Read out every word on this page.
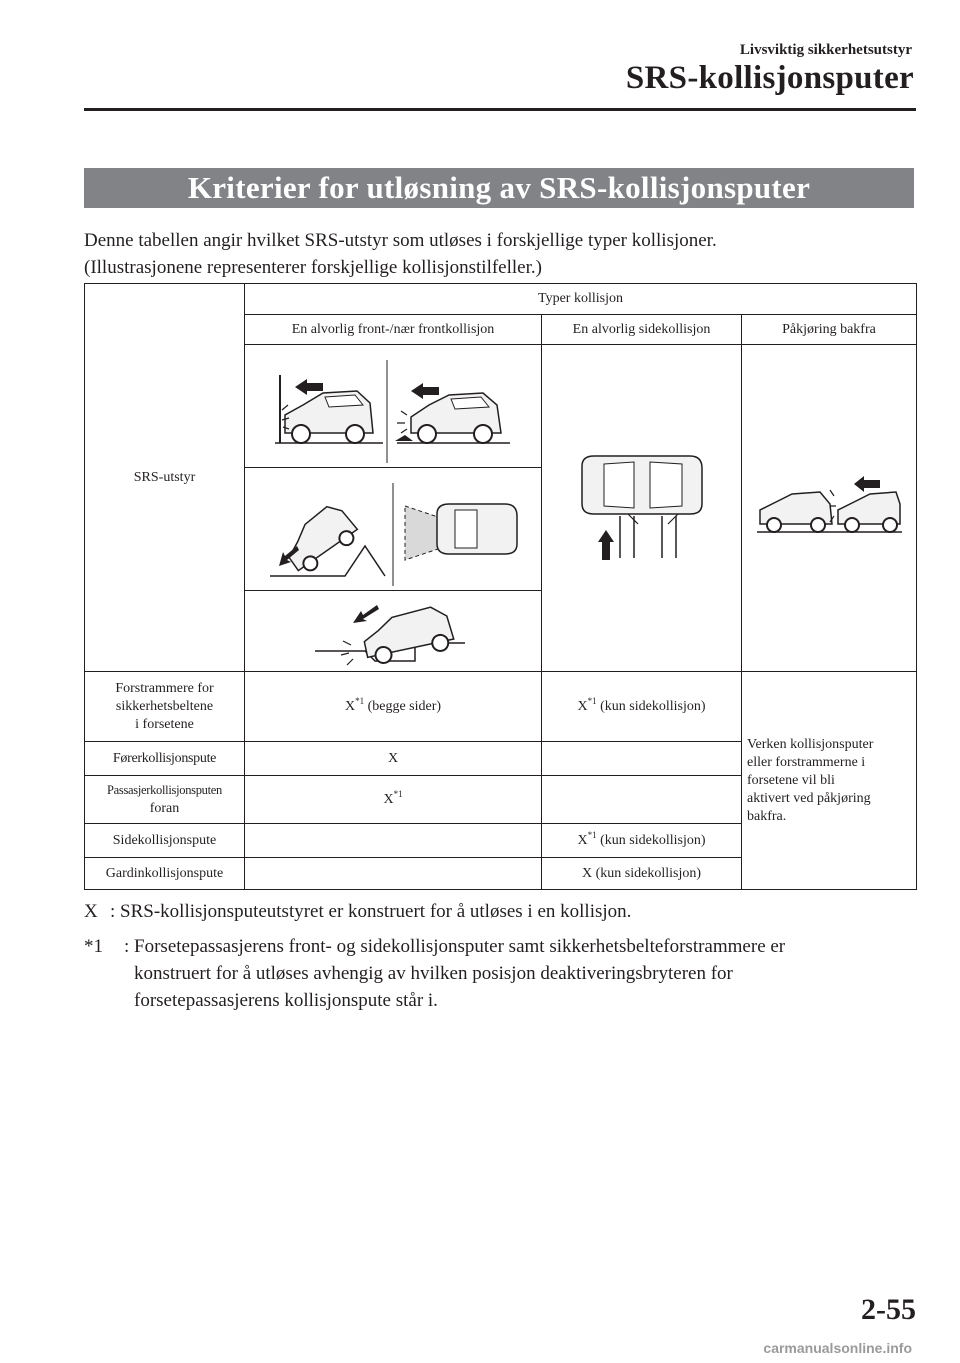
Livsviktig sikkerhetsutstyr
SRS-kollisjonsputer
Kriterier for utløsning av SRS-kollisjonsputer
Denne tabellen angir hvilket SRS-utstyr som utløses i forskjellige typer kollisjoner.
(Illustrasjonene representerer forskjellige kollisjonstilfeller.)
SRS-utstyr	Typer kollisjon		
	En alvorlig front-/nær frontkollisjon	En alvorlig sidekollisjon	Påkjøring bakfra

Forstrammere for
sikkerhetsbeltene
i forsetene	$X^{*1}$ (begge sider)	$X^{*1}$ (kun sidekollisjon)	Verken kollisjonsputer
eller forstrammerne i
forsetene vil bli
aktivert ved påkjøring
bakfra.
Førerkollisjonspute	X		
Passasjerkollisjonsputen
foran	$X^{*1}$	
Sidekollisjonspute		$X^{*1}$ (kun sidekollisjon)	
Gardinkollisjonspute		X (kun sidekollisjon)	
X : SRS-kollisjonsputeutstyret er konstruert for å utløses i en kollisjon.
*1 : Forsetepassasjerens front- og sidekollisjonsputer samt sikkerhetsbelteforstrammere er
konstruert for å utløses avhengig av hvilken posisjon deaktiveringsbryteren for
forsetepassasjerens kollisjonspute står i.
2-55
carmanualsonline.info
